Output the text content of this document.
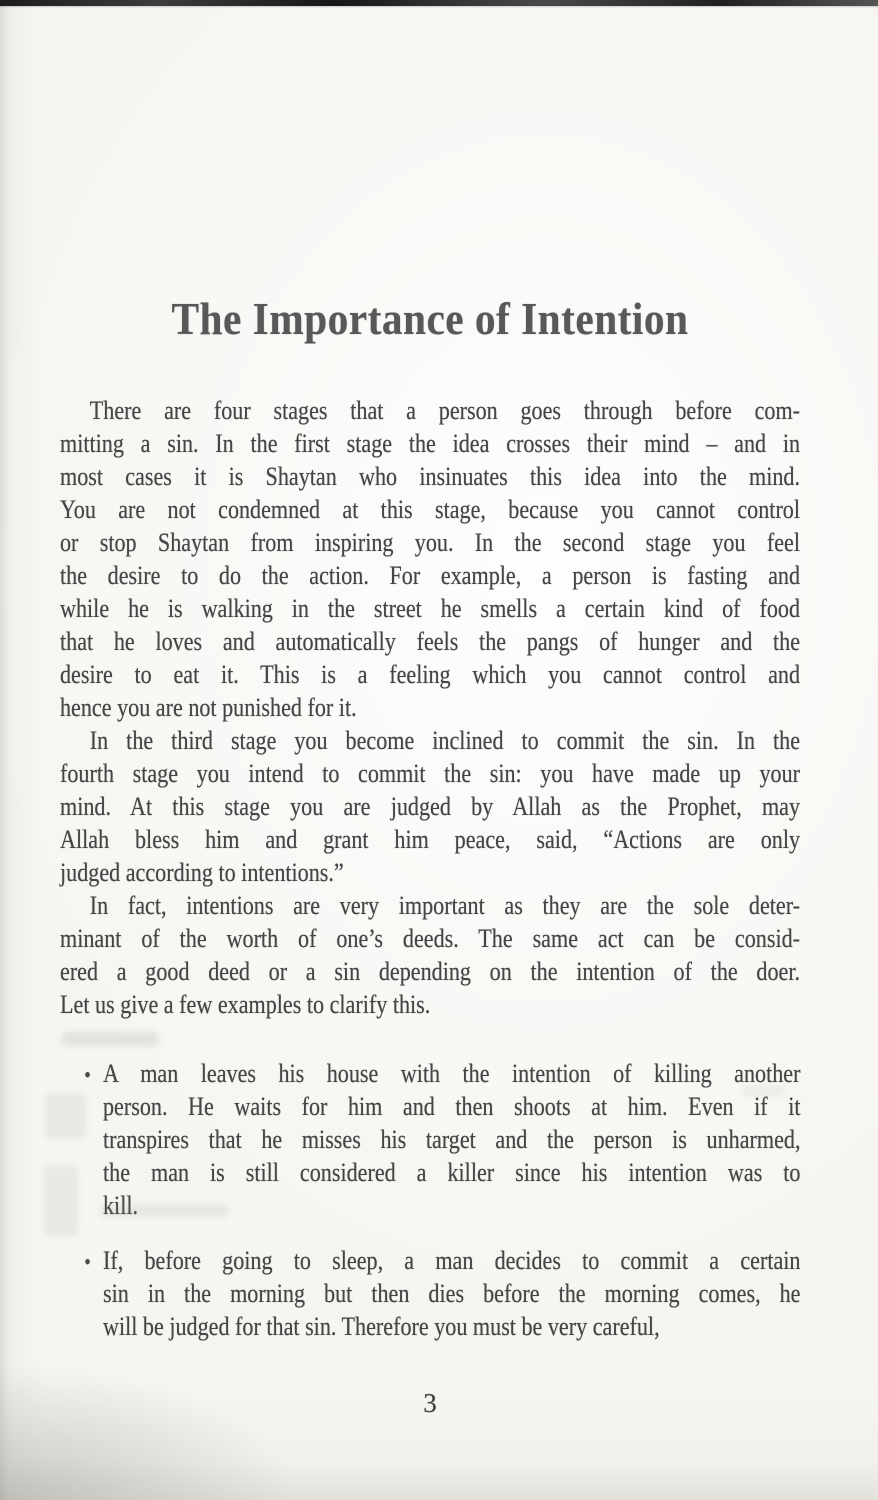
The Importance of Intention
There are four stages that a person goes through before com-
mitting a sin. In the first stage the idea crosses their mind – and in
most cases it is Shaytan who insinuates this idea into the mind.
You are not condemned at this stage, because you cannot control
or stop Shaytan from inspiring you. In the second stage you feel
the desire to do the action. For example, a person is fasting and
while he is walking in the street he smells a certain kind of food
that he loves and automatically feels the pangs of hunger and the
desire to eat it. This is a feeling which you cannot control and
hence you are not punished for it.
In the third stage you become inclined to commit the sin. In the
fourth stage you intend to commit the sin: you have made up your
mind. At this stage you are judged by Allah as the Prophet, may
Allah bless him and grant him peace, said, “Actions are only
judged according to intentions.”
In fact, intentions are very important as they are the sole deter-
minant of the worth of one’s deeds. The same act can be consid-
ered a good deed or a sin depending on the intention of the doer.
Let us give a few examples to clarify this.
• A man leaves his house with the intention of killing another
person. He waits for him and then shoots at him. Even if it
transpires that he misses his target and the person is unharmed,
the man is still considered a killer since his intention was to
kill.
• If, before going to sleep, a man decides to commit a certain
sin in the morning but then dies before the morning comes, he
will be judged for that sin. Therefore you must be very careful,
3
